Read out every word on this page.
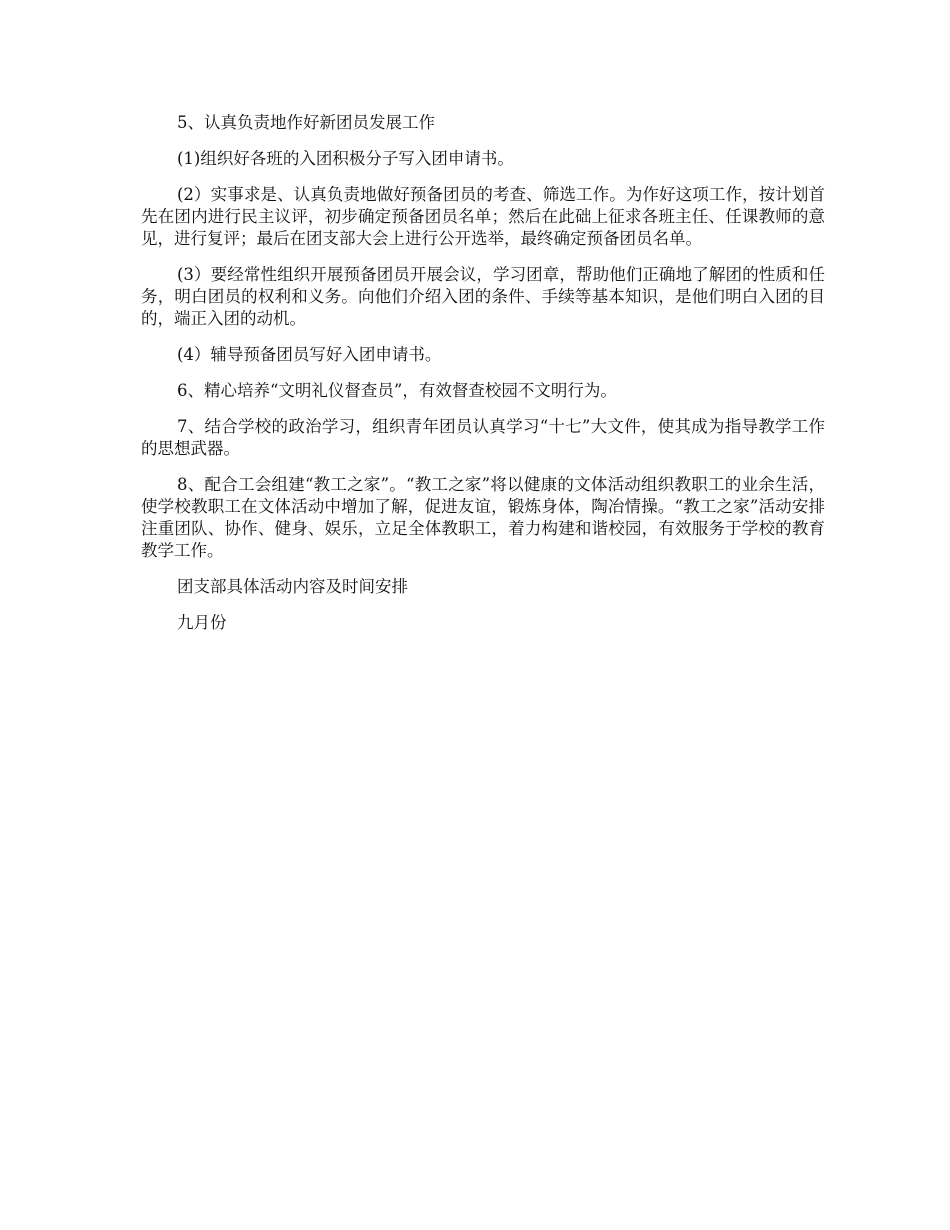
5、认真负责地作好新团员发展工作

(1)组织好各班的入团积极分子写入团申请书。

(2）实事求是、认真负责地做好预备团员的考查、筛选工作。为作好这项工作，按计划首先在团内进行民主议评，初步确定预备团员名单；然后在此础上征求各班主任、任课教师的意见，进行复评；最后在团支部大会上进行公开选举，最终确定预备团员名单。

(3）要经常性组织开展预备团员开展会议，学习团章，帮助他们正确地了解团的性质和任务，明白团员的权利和义务。向他们介绍入团的条件、手续等基本知识，是他们明白入团的目的，端正入团的动机。

(4）辅导预备团员写好入团申请书。

6、精心培养“文明礼仪督查员”，有效督查校园不文明行为。

7、结合学校的政治学习，组织青年团员认真学习“十七”大文件，使其成为指导教学工作的思想武器。

8、配合工会组建“教工之家”。“教工之家”将以健康的文体活动组织教职工的业余生活，使学校教职工在文体活动中增加了解，促进友谊，锻炼身体，陶冶情操。“教工之家”活动安排注重团队、协作、健身、娱乐，立足全体教职工，着力构建和谐校园，有效服务于学校的教育教学工作。

团支部具体活动内容及时间安排

九月份
